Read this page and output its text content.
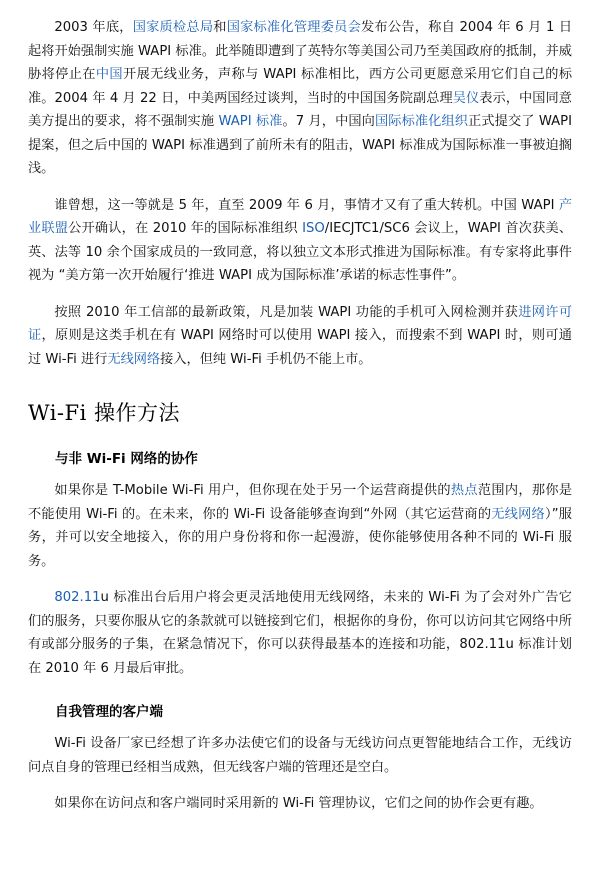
2003 年底，国家质检总局和国家标准化管理委员会发布公告，称自 2004 年 6 月 1 日起将开始强制实施 WAPI 标准。此举随即遭到了英特尔等美国公司乃至美国政府的抵制，并威胁将停止在中国开展无线业务，声称与 WAPI 标准相比，西方公司更愿意采用它们自己的标准。2004 年 4 月 22 日，中美两国经过谈判，当时的中国国务院副总理吴仪表示，中国同意美方提出的要求，将不强制实施 WAPI 标准。7 月，中国向国际标准化组织正式提交了 WAPI 提案，但之后中国的 WAPI 标准遇到了前所未有的阻击，WAPI 标准成为国际标准一事被迫搁浅。

谁曾想，这一等就是 5 年，直至 2009 年 6 月，事情才又有了重大转机。中国 WAPI 产业联盟公开确认，在 2010 年的国际标准组织 ISO/IECJTC1/SC6 会议上，WAPI 首次获美、英、法等 10 余个国家成员的一致同意，将以独立文本形式推进为国际标准。有专家将此事件视为 “美方第一次开始履行‘推进 WAPI 成为国际标准’承诺的标志性事件”。

按照 2010 年工信部的最新政策，凡是加装 WAPI 功能的手机可入网检测并获进网许可证，原则是这类手机在有 WAPI 网络时可以使用 WAPI 接入，而搜索不到 WAPI 时，则可通过 Wi-Fi 进行无线网络接入，但纯 Wi-Fi 手机仍不能上市。

Wi-Fi 操作方法
与非 Wi-Fi 网络的协作

如果你是 T-Mobile Wi-Fi 用户，但你现在处于另一个运营商提供的热点范围内，那你是不能使用 Wi-Fi 的。在未来，你的 Wi-Fi 设备能够查询到“外网（其它运营商的无线网络）”服务，并可以安全地接入，你的用户身份将和你一起漫游，使你能够使用各种不同的 Wi-Fi 服务。

802.11u 标准出台后用户将会更灵活地使用无线网络，未来的 Wi-Fi 为了会对外广告它们的服务，只要你服从它的条款就可以链接到它们，根据你的身份，你可以访问其它网络中所有或部分服务的子集，在紧急情况下，你可以获得最基本的连接和功能，802.11u 标准计划在 2010 年 6 月最后审批。

自我管理的客户端

Wi-Fi 设备厂家已经想了许多办法使它们的设备与无线访问点更智能地结合工作，无线访问点自身的管理已经相当成熟，但无线客户端的管理还是空白。

如果你在访问点和客户端同时采用新的 Wi-Fi 管理协议，它们之间的协作会更有趣。
